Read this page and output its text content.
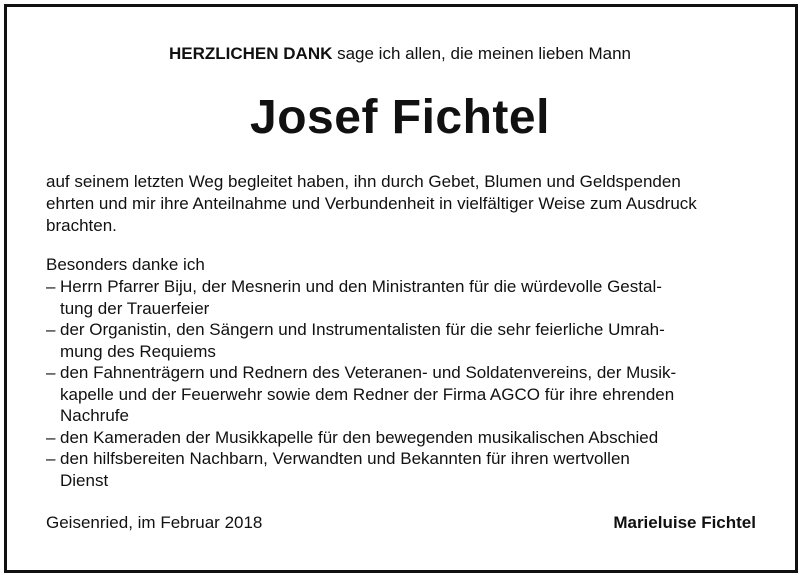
HERZLICHEN DANK sage ich allen, die meinen lieben Mann
Josef Fichtel
auf seinem letzten Weg begleitet haben, ihn durch Gebet, Blumen und Geldspenden
ehrten und mir ihre Anteilnahme und Verbundenheit in vielfältiger Weise zum Ausdruck
brachten.
Besonders danke ich
– Herrn Pfarrer Biju, der Mesnerin und den Ministranten für die würdevolle Gestal-
tung der Trauerfeier
– der Organistin, den Sängern und Instrumentalisten für die sehr feierliche Umrah-
mung des Requiems
– den Fahnenträgern und Rednern des Veteranen- und Soldatenvereins, der Musik-
kapelle und der Feuerwehr sowie dem Redner der Firma AGCO für ihre ehrenden
Nachrufe
– den Kameraden der Musikkapelle für den bewegenden musikalischen Abschied
– den hilfsbereiten Nachbarn, Verwandten und Bekannten für ihren wertvollen
Dienst
Geisenried, im Februar 2018	Marieluise Fichtel
